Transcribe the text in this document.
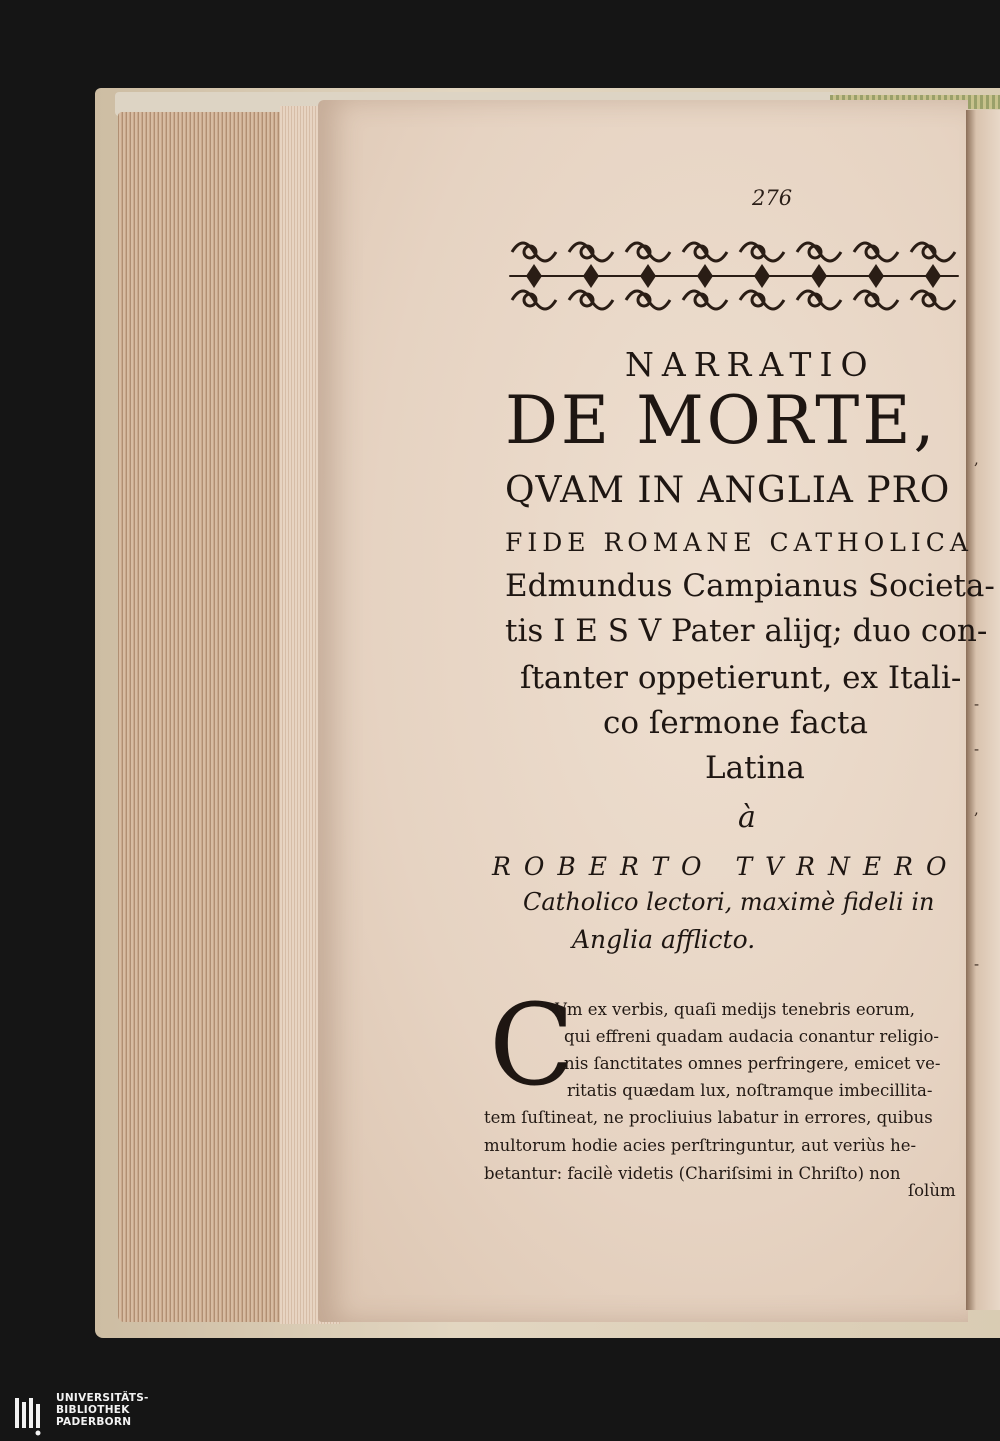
,
-
-
,
-
276
NARRATIO
DE MORTE,
QVAM IN ANGLIA PRO
FIDE ROMANE CATHOLICA
Edmundus Campianus Societa-
tis I E S V Pater alijq; duo con-
ſtanter oppetierunt, ex Itali-
co ſermone facta
Latina
à
ROBERTO TVRNERO
Catholico lectori, maximè fideli in
Anglia afflicto.
C
Vm ex verbis, quaſi medijs tenebris eorum,
qui effreni quadam audacia conantur religio-
nis ſanctitates omnes perfringere, emicet ve-
ritatis quædam lux, noſtramque imbecillita-
tem ſuſtineat, ne procliuius labatur in errores, quibus
multorum hodie acies perſtringuntur, aut veriùs he-
betantur: facilè videtis (Chariſsimi in Chriſto) non
ſolùm
UNIVERSITÄTS-
BIBLIOTHEK
PADERBORN
